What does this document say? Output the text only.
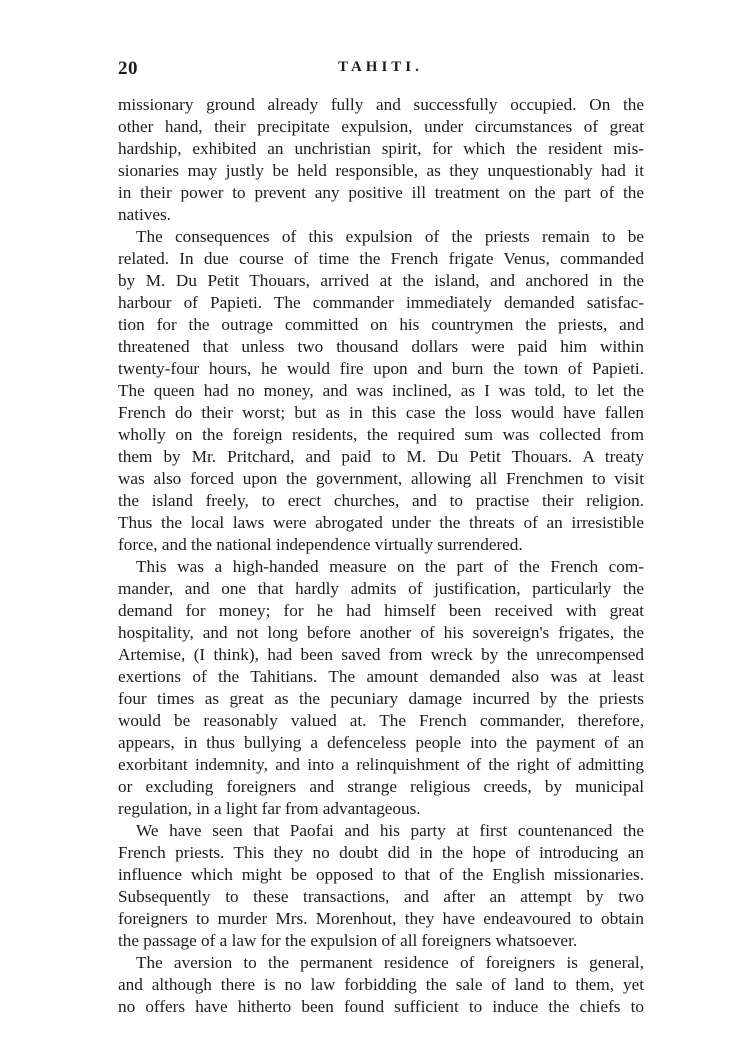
20	TAHITI.
missionary ground already fully and successfully occupied. On the
other hand, their precipitate expulsion, under circumstances of great
hardship, exhibited an unchristian spirit, for which the resident mis-
sionaries may justly be held responsible, as they unquestionably had it
in their power to prevent any positive ill treatment on the part of the
natives.
The consequences of this expulsion of the priests remain to be
related. In due course of time the French frigate Venus, commanded
by M. Du Petit Thouars, arrived at the island, and anchored in the
harbour of Papieti. The commander immediately demanded satisfac-
tion for the outrage committed on his countrymen the priests, and
threatened that unless two thousand dollars were paid him within
twenty-four hours, he would fire upon and burn the town of Papieti.
The queen had no money, and was inclined, as I was told, to let the
French do their worst; but as in this case the loss would have fallen
wholly on the foreign residents, the required sum was collected from
them by Mr. Pritchard, and paid to M. Du Petit Thouars. A treaty
was also forced upon the government, allowing all Frenchmen to visit
the island freely, to erect churches, and to practise their religion.
Thus the local laws were abrogated under the threats of an irresistible
force, and the national independence virtually surrendered.
This was a high-handed measure on the part of the French com-
mander, and one that hardly admits of justification, particularly the
demand for money; for he had himself been received with great
hospitality, and not long before another of his sovereign's frigates, the
Artemise, (I think), had been saved from wreck by the unrecompensed
exertions of the Tahitians. The amount demanded also was at least
four times as great as the pecuniary damage incurred by the priests
would be reasonably valued at. The French commander, therefore,
appears, in thus bullying a defenceless people into the payment of an
exorbitant indemnity, and into a relinquishment of the right of admitting
or excluding foreigners and strange religious creeds, by municipal
regulation, in a light far from advantageous.
We have seen that Paofai and his party at first countenanced the
French priests. This they no doubt did in the hope of introducing an
influence which might be opposed to that of the English missionaries.
Subsequently to these transactions, and after an attempt by two
foreigners to murder Mrs. Morenhout, they have endeavoured to obtain
the passage of a law for the expulsion of all foreigners whatsoever.
The aversion to the permanent residence of foreigners is general,
and although there is no law forbidding the sale of land to them, yet
no offers have hitherto been found sufficient to induce the chiefs to
